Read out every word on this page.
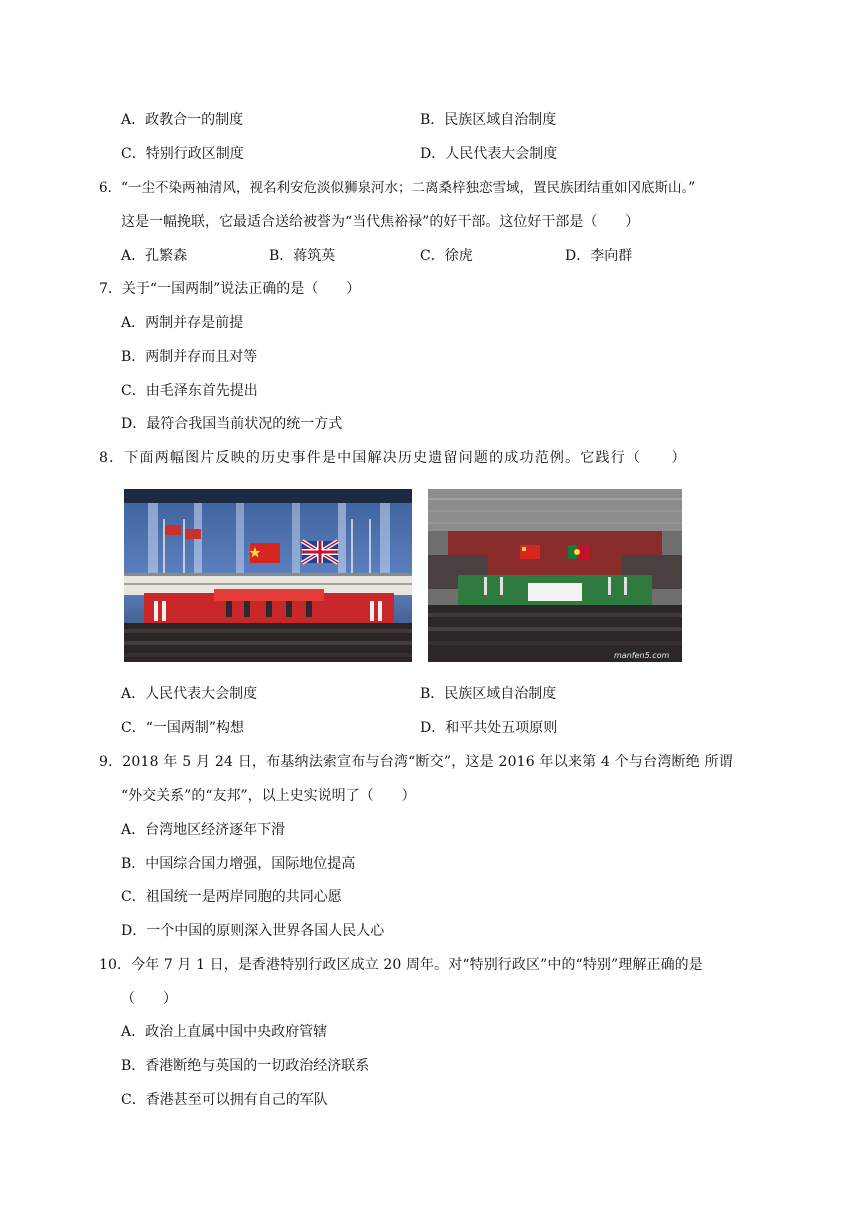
A．政教合一的制度	B．民族区域自治制度
C．特别行政区制度	D．人民代表大会制度
6．“一尘不染两袖清风，视名利安危淡似狮泉河水；二离桑梓独恋雪域，置民族团结重如冈底斯山。”
这是一幅挽联，它最适合送给被誉为“当代焦裕禄”的好干部。这位好干部是（　　）
A．孔繁森	B．蒋筑英	C．徐虎	D．李向群
7．关于“一国两制”说法正确的是（　　）
A．两制并存是前提
B．两制并存而且对等
C．由毛泽东首先提出
D．最符合我国当前状况的统一方式
8．下面两幅图片反映的历史事件是中国解决历史遗留问题的成功范例。它践行（　　）
manfen5.com
A．人民代表大会制度	B．民族区域自治制度
C．“一国两制”构想	D．和平共处五项原则
9．2018 年 5 月 24 日，布基纳法索宣布与台湾“断交”，这是 2016 年以来第 4 个与台湾断绝 所谓
“外交关系”的“友邦”，以上史实说明了（　　）
A．台湾地区经济逐年下滑
B．中国综合国力增强，国际地位提高
C．祖国统一是两岸同胞的共同心愿
D．一个中国的原则深入世界各国人民人心
10．今年 7 月 1 日，是香港特别行政区成立 20 周年。对“特别行政区”中的“特别”理解正确的是
（　　）
A．政治上直属中国中央政府管辖
B．香港断绝与英国的一切政治经济联系
C．香港甚至可以拥有自己的军队
